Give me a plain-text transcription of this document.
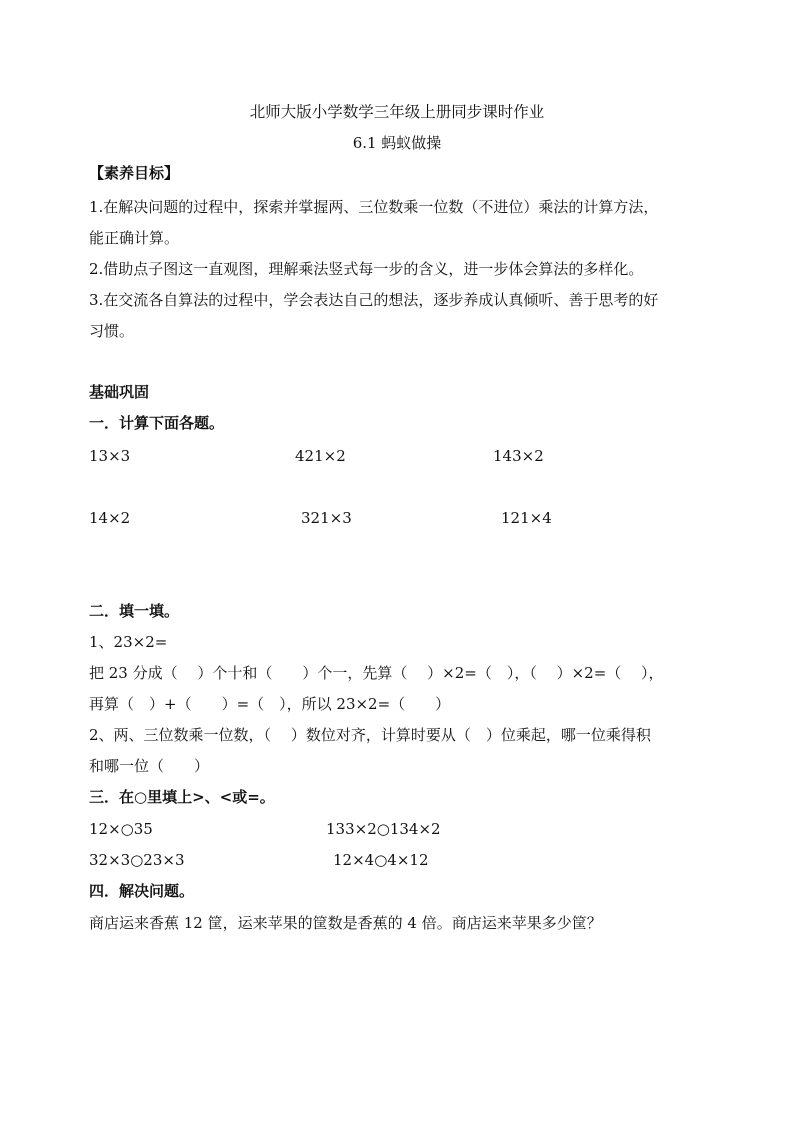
北师大版小学数学三年级上册同步课时作业
6.1 蚂蚁做操
【素养目标】
1.在解决问题的过程中，探索并掌握两、三位数乘一位数（不进位）乘法的计算方法，
能正确计算。
2.借助点子图这一直观图，理解乘法竖式每一步的含义，进一步体会算法的多样化。
3.在交流各自算法的过程中，学会表达自己的想法，逐步养成认真倾听、善于思考的好
习惯。
基础巩固
一．计算下面各题。
13×3	421×2	143×2
14×2	321×3	121×4
二．填一填。
1、23×2=
把 23 分成（　 ）个十和（　　）个一，先算（　 ）×2=（　），（　 ）×2=（　 ），
再算（　）+（　　）=（　），所以 23×2=（　　）
2、两、三位数乘一位数，（　 ）数位对齐，计算时要从（　）位乘起，哪一位乘得积
和哪一位（　　）
三．在○里填上>、<或=。
12×○35	133×2○134×2
32×3○23×3	12×4○4×12
四．解决问题。
商店运来香蕉 12 筐，运来苹果的筐数是香蕉的 4 倍。商店运来苹果多少筐？
